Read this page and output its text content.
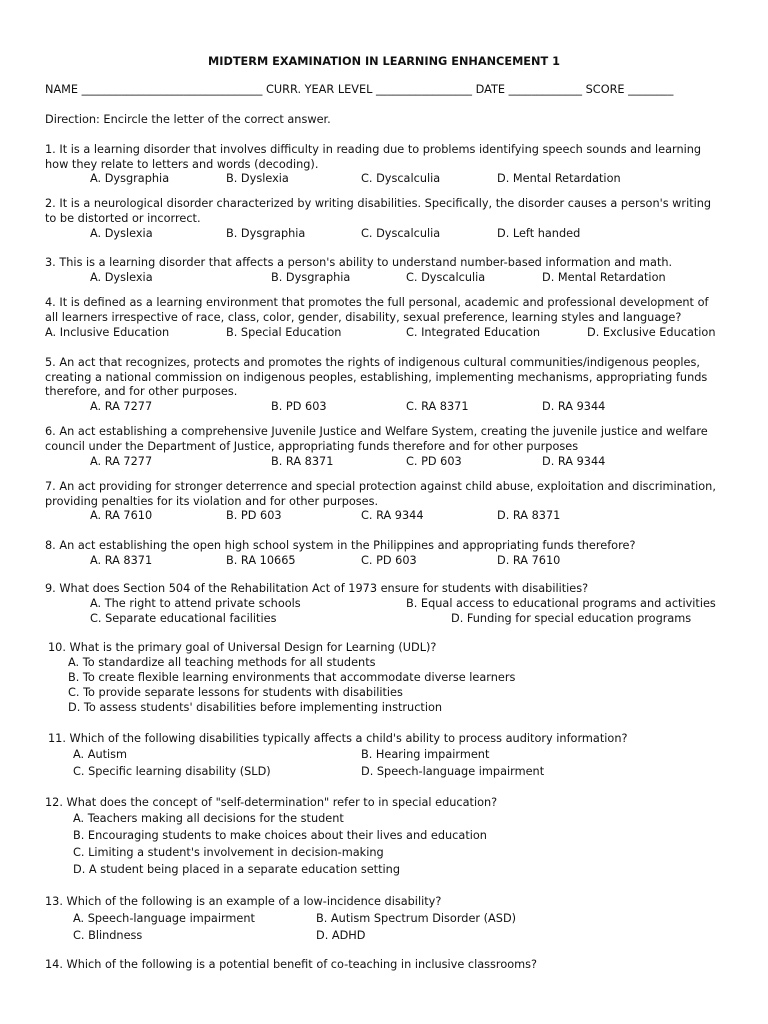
MIDTERM EXAMINATION IN LEARNING ENHANCEMENT 1
NAME ________________________________ CURR. YEAR LEVEL _________________ DATE _____________ SCORE ________
Direction: Encircle the letter of the correct answer.
1. It is a learning disorder that involves difficulty in reading due to problems identifying speech sounds and learning how they relate to letters and words (decoding).
A. Dysgraphia	B. Dyslexia	C. Dyscalculia	D. Mental Retardation
2. It is a neurological disorder characterized by writing disabilities. Specifically, the disorder causes a person's writing to be distorted or incorrect.
A. Dyslexia	B. Dysgraphia	C. Dyscalculia	D. Left handed
3. This is a learning disorder that affects a person's ability to understand number-based information and math.
A. Dyslexia	B. Dysgraphia	C. Dyscalculia	D. Mental Retardation
4. It is defined as a learning environment that promotes the full personal, academic and professional development of all learners irrespective of race, class, color, gender, disability, sexual preference, learning styles and language?
A. Inclusive Education	B. Special Education	C. Integrated Education	D. Exclusive Education
5. An act that recognizes, protects and promotes the rights of indigenous cultural communities/indigenous peoples, creating a national commission on indigenous peoples, establishing, implementing mechanisms, appropriating funds therefore, and for other purposes.
A. RA 7277	B. PD 603	C. RA 8371	D. RA 9344
6. An act establishing a comprehensive Juvenile Justice and Welfare System, creating the juvenile justice and welfare council under the Department of Justice, appropriating funds therefore and for other purposes
A. RA 7277	B. RA 8371	C. PD 603	D. RA 9344
7. An act providing for stronger deterrence and special protection against child abuse, exploitation and discrimination, providing penalties for its violation and for other purposes.
A. RA 7610	B. PD 603	C. RA 9344	D. RA 8371
8. An act establishing the open high school system in the Philippines and appropriating funds therefore?
A. RA 8371	B. RA 10665	C. PD 603	D. RA 7610
9. What does Section 504 of the Rehabilitation Act of 1973 ensure for students with disabilities?
A. The right to attend private schools	B. Equal access to educational programs and activities
C. Separate educational facilities	D. Funding for special education programs
10. What is the primary goal of Universal Design for Learning (UDL)?
A. To standardize all teaching methods for all students
B. To create flexible learning environments that accommodate diverse learners
C. To provide separate lessons for students with disabilities
D. To assess students' disabilities before implementing instruction
11. Which of the following disabilities typically affects a child's ability to process auditory information?
A. Autism	B. Hearing impairment
C. Specific learning disability (SLD)	D. Speech-language impairment
12. What does the concept of "self-determination" refer to in special education?
A. Teachers making all decisions for the student
B. Encouraging students to make choices about their lives and education
C. Limiting a student's involvement in decision-making
D. A student being placed in a separate education setting
13. Which of the following is an example of a low-incidence disability?
A. Speech-language impairment	B. Autism Spectrum Disorder (ASD)
C. Blindness	D. ADHD
14. Which of the following is a potential benefit of co-teaching in inclusive classrooms?
